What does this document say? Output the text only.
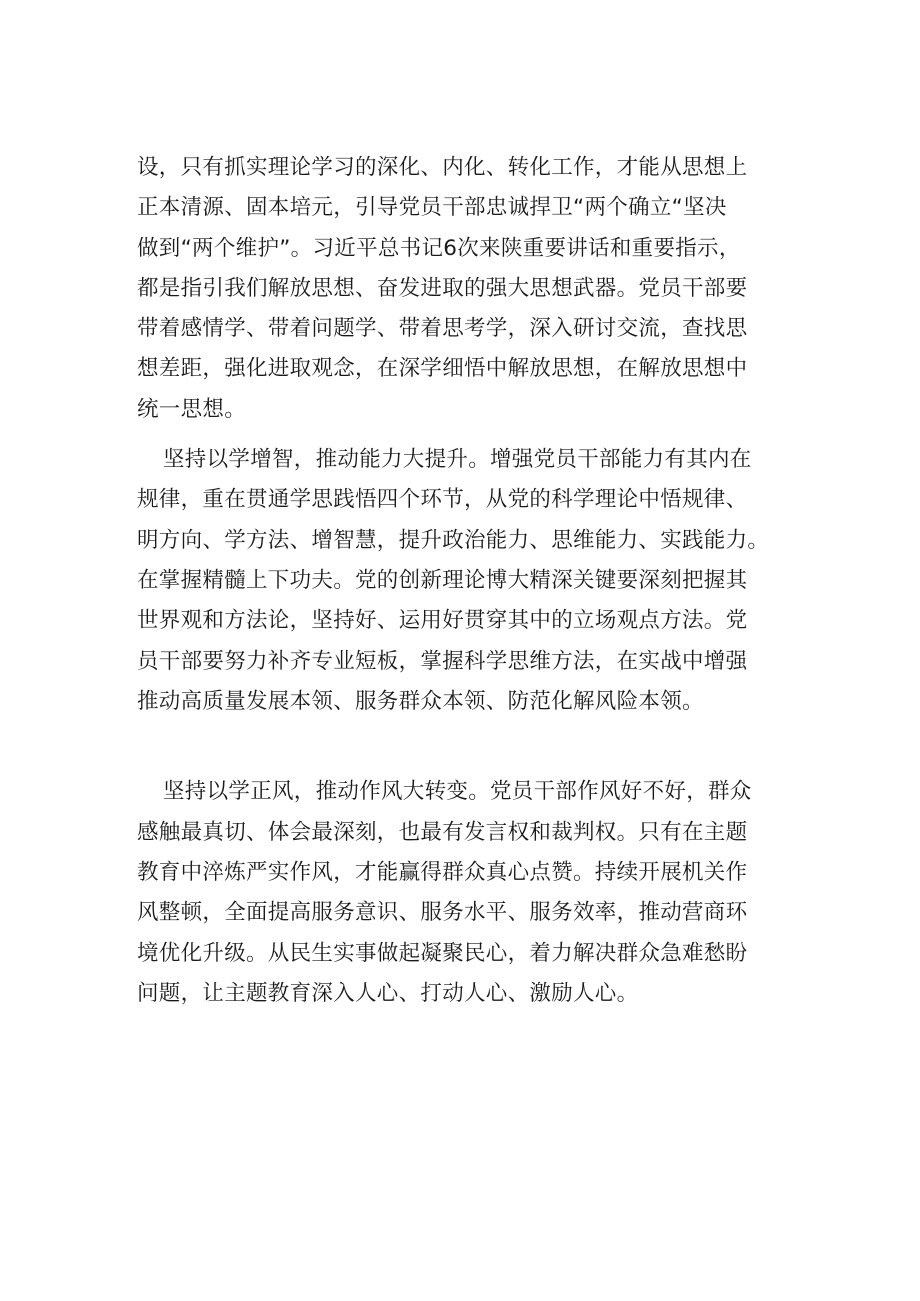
设，只有抓实理论学习的深化、内化、转化工作，才能从思想上
正本清源、固本培元，引导党员干部忠诚捍卫“两个确立“坚决
做到“两个维护”。习近平总书记6次来陕重要讲话和重要指示，
都是指引我们解放思想、奋发进取的强大思想武器。党员干部要
带着感情学、带着问题学、带着思考学，深入研讨交流，查找思
想差距，强化进取观念，在深学细悟中解放思想，在解放思想中
统一思想。
坚持以学增智，推动能力大提升。增强党员干部能力有其内在
规律，重在贯通学思践悟四个环节，从党的科学理论中悟规律、
明方向、学方法、增智慧，提升政治能力、思维能力、实践能力。
在掌握精髓上下功夫。党的创新理论博大精深关键要深刻把握其
世界观和方法论，坚持好、运用好贯穿其中的立场观点方法。党
员干部要努力补齐专业短板，掌握科学思维方法，在实战中增强
推动高质量发展本领、服务群众本领、防范化解风险本领。
坚持以学正风，推动作风大转变。党员干部作风好不好，群众
感触最真切、体会最深刻，也最有发言权和裁判权。只有在主题
教育中淬炼严实作风，才能赢得群众真心点赞。持续开展机关作
风整顿，全面提高服务意识、服务水平、服务效率，推动营商环
境优化升级。从民生实事做起凝聚民心，着力解决群众急难愁盼
问题，让主题教育深入人心、打动人心、激励人心。
